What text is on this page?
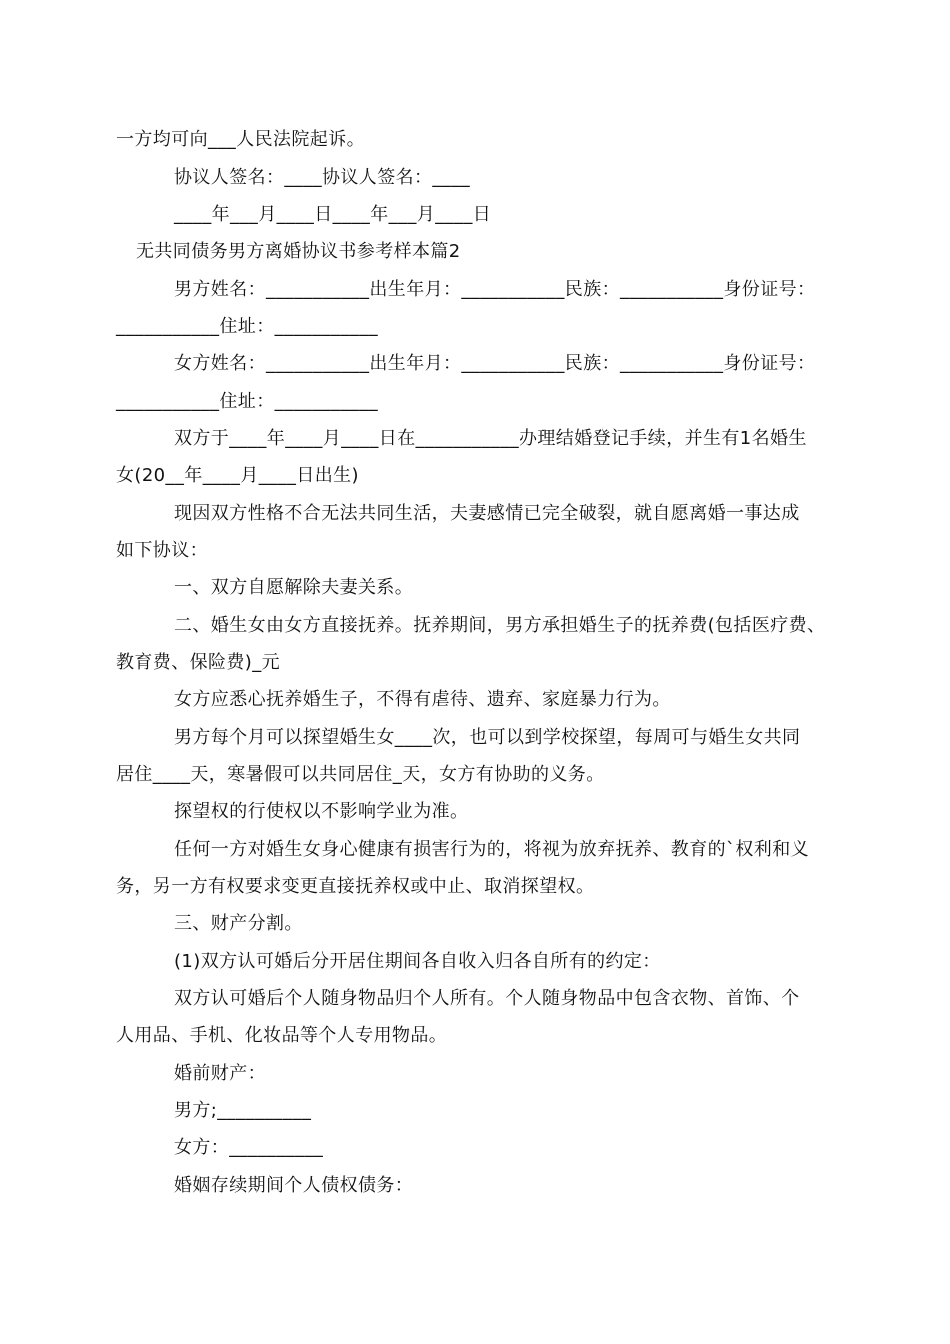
一方均可向___人民法院起诉。
协议人签名：____协议人签名：____
____年___月____日____年___月____日
无共同债务男方离婚协议书参考样本篇2
男方姓名：___________出生年月：___________民族：___________身份证号：
___________住址：___________
女方姓名：___________出生年月：___________民族：___________身份证号：
___________住址：___________
双方于____年____月____日在___________办理结婚登记手续，并生有1名婚生
女(20__年____月____日出生)
现因双方性格不合无法共同生活，夫妻感情已完全破裂，就自愿离婚一事达成
如下协议：
一、双方自愿解除夫妻关系。
二、婚生女由女方直接抚养。抚养期间，男方承担婚生子的抚养费(包括医疗费、
教育费、保险费)_元
女方应悉心抚养婚生子，不得有虐待、遗弃、家庭暴力行为。
男方每个月可以探望婚生女____次，也可以到学校探望，每周可与婚生女共同
居住____天，寒暑假可以共同居住_天，女方有协助的义务。
探望权的行使权以不影响学业为准。
任何一方对婚生女身心健康有损害行为的，将视为放弃抚养、教育的`权利和义
务，另一方有权要求变更直接抚养权或中止、取消探望权。
三、财产分割。
(1)双方认可婚后分开居住期间各自收入归各自所有的约定：
双方认可婚后个人随身物品归个人所有。个人随身物品中包含衣物、首饰、个
人用品、手机、化妆品等个人专用物品。
婚前财产：
男方;__________
女方：__________
婚姻存续期间个人债权债务：
